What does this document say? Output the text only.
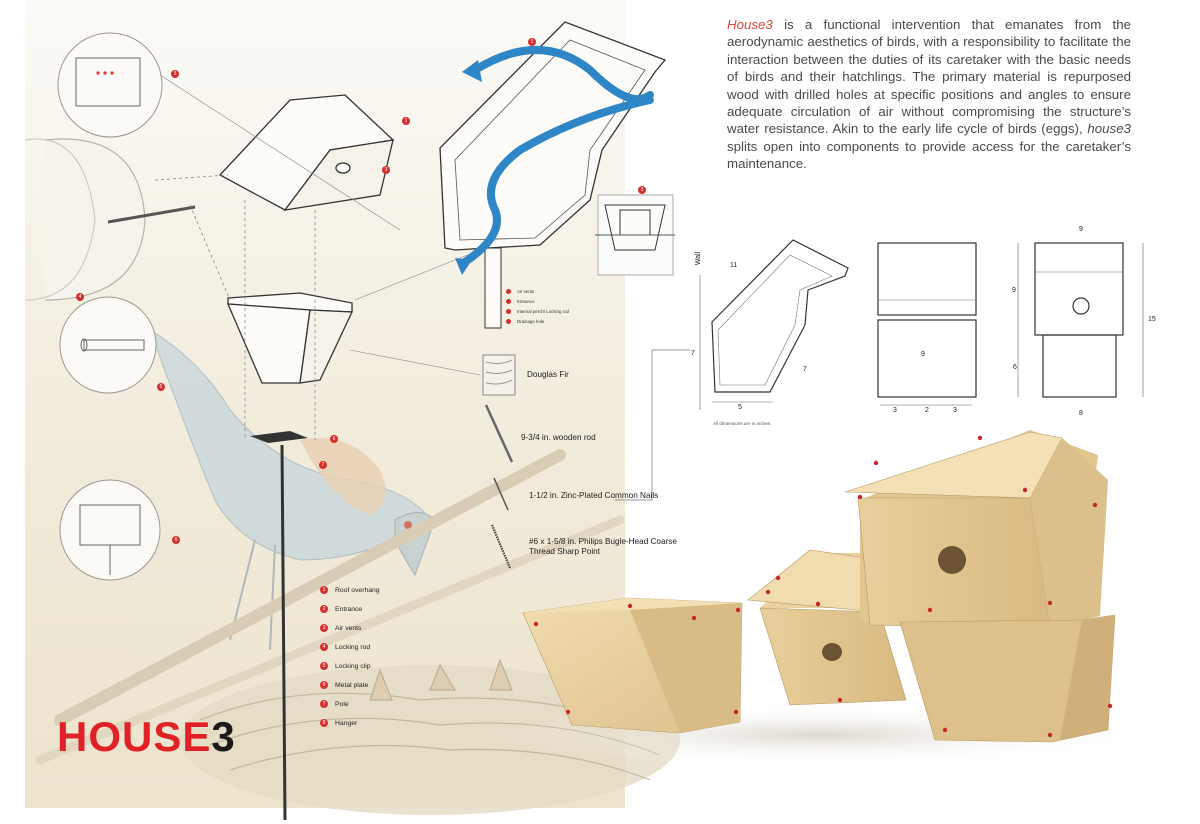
House3 is a functional intervention that emanates from the aerodynamic aesthetics of birds, with a responsibility to facilitate the interaction between the duties of its caretaker with the basic needs of birds and their hatchlings. The primary material is repurposed wood with drilled holes at specific positions and angles to ensure adequate circulation of air without compromising the structure’s water resistance. Akin to the early life cycle of birds (eggs), house3 splits open into components to provide access for the caretaker’s maintenance.
3
1
3
4
5
6
7
6
1
3
Air vents
Entrance
Internal perch/ Locking rod
Drainage hole
Douglas Fir
9-3/4 in. wooden rod
1-1/2 in. Zinc-Plated Common Nails
#6 x 1-5/8 in. Philips Bugle-Head Coarse
Thread Sharp Point
1	Roof overhang
2	Entrance
3	Air vents
4	Locking rod
5	Locking clip
6	Metal plate
7	Pole
8	Hanger
Wall
11
7
7
5
9
3	2	3
9
9
6
15
8
All dimensions are in inches.
HOUSE3
